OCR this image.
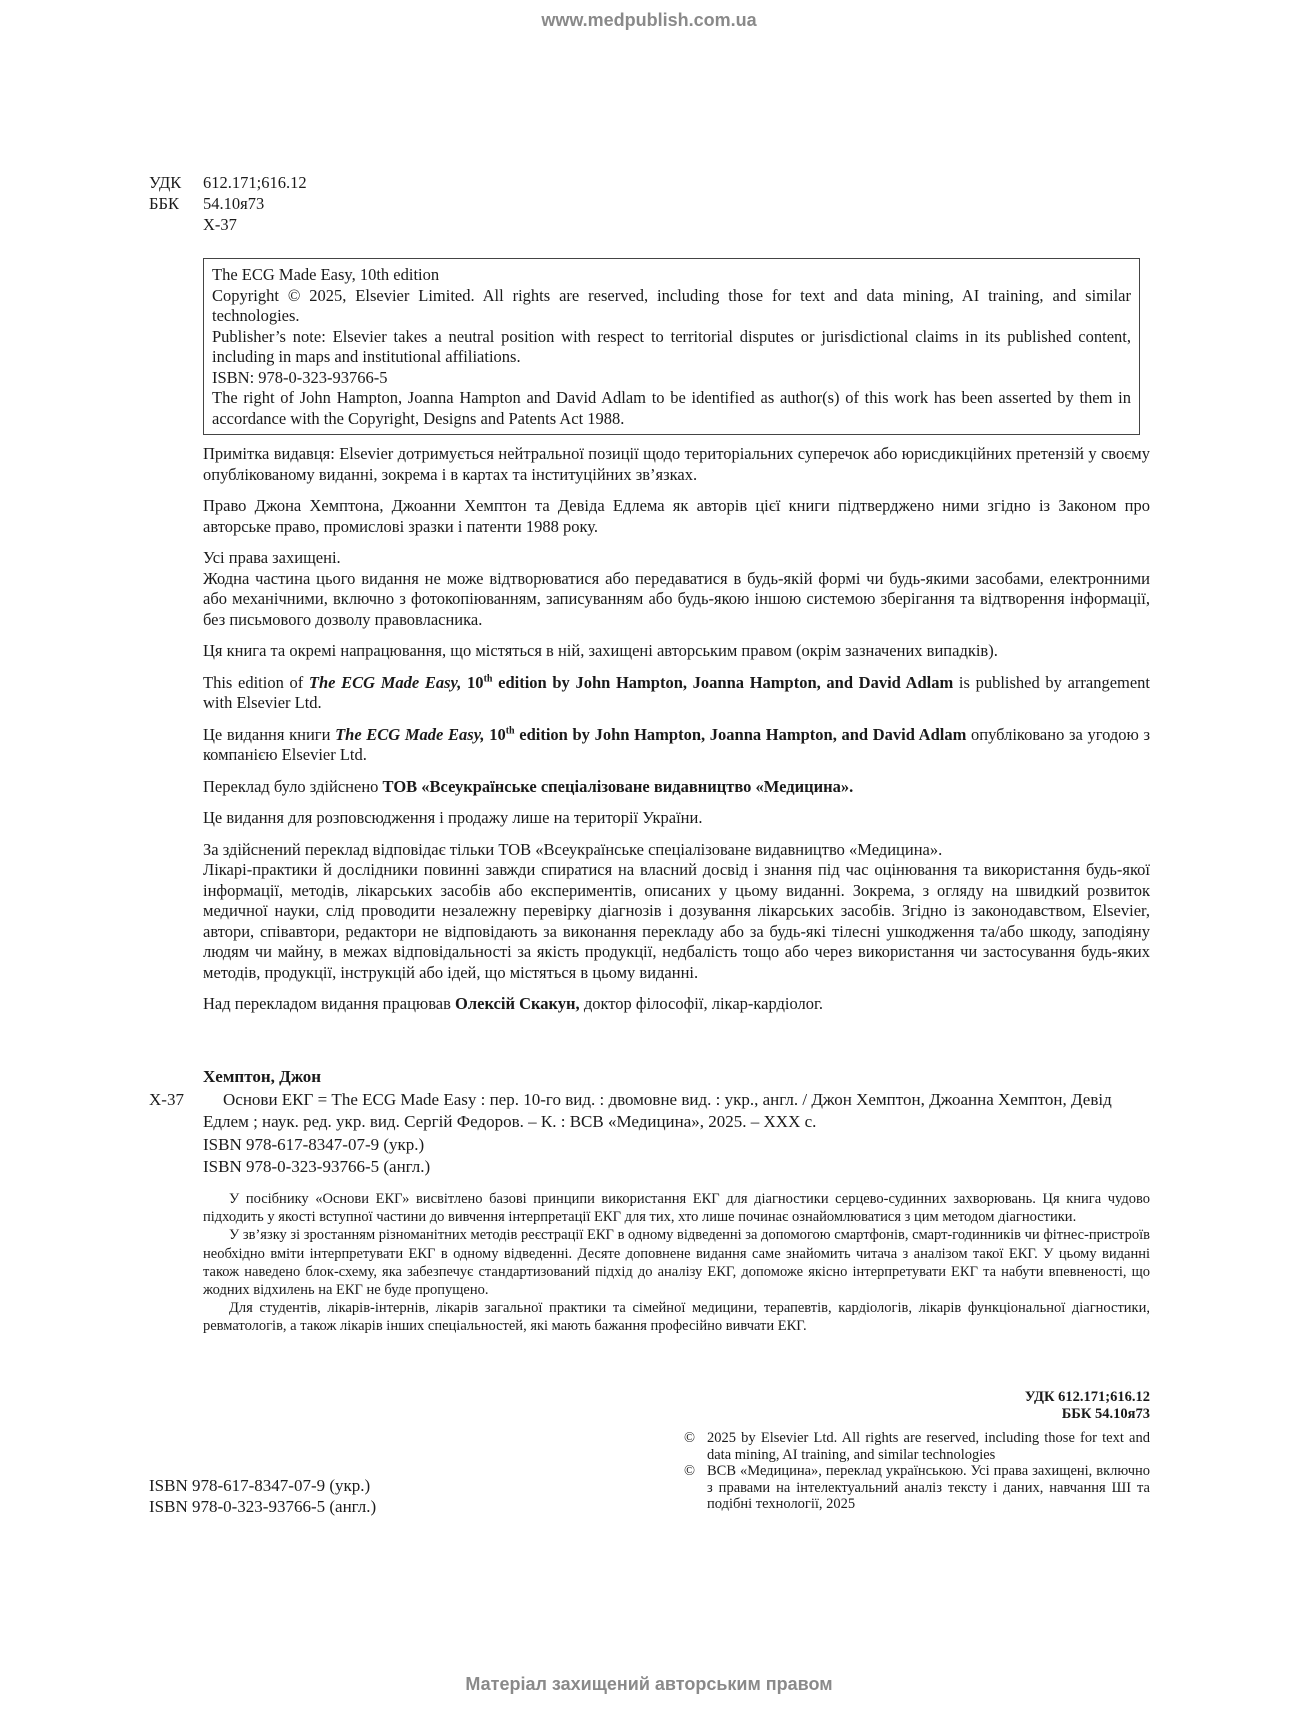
www.medpublish.com.ua
УДК	612.171;616.12
ББК	54.10я73
Х-37
The ECG Made Easy, 10th edition
Copyright © 2025, Elsevier Limited. All rights are reserved, including those for text and data mining, AI training, and similar technologies.
Publisher’s note: Elsevier takes a neutral position with respect to territorial disputes or jurisdictional claims in its published content, including in maps and institutional affiliations.
ISBN: 978-0-323-93766-5
The right of John Hampton, Joanna Hampton and David Adlam to be identified as author(s) of this work has been asserted by them in accordance with the Copyright, Designs and Patents Act 1988.

Примітка видавця: Elsevier дотримується нейтральної позиції щодо територіальних суперечок або юрисдикційних претензій у своєму опублікованому виданні, зокрема і в картах та інституційних зв’язках.

Право Джона Хемптона, Джоанни Хемптон та Девіда Едлема як авторів цієї книги підтверджено ними згідно із Законом про авторське право, промислові зразки і патенти 1988 року.

Усі права захищені.
Жодна частина цього видання не може відтворюватися або передаватися в будь-якій формі чи будь-якими засобами, електронними або механічними, включно з фотокопіюванням, записуванням або будь-якою іншою системою зберігання та відтворення інформації, без письмового дозволу правовласника.

Ця книга та окремі напрацювання, що містяться в ній, захищені авторським правом (окрім зазначених випадків).

This edition of The ECG Made Easy, 10th edition by John Hampton, Joanna Hampton, and David Adlam is published by arrangement with Elsevier Ltd.

Це видання книги The ECG Made Easy, 10th edition by John Hampton, Joanna Hampton, and David Adlam опубліковано за угодою з компанією Elsevier Ltd.

Переклад було здійснено ТОВ «Всеукраїнське спеціалізоване видавництво «Медицина».

Це видання для розповсюдження і продажу лише на території України.

За здійснений переклад відповідає тільки ТОВ «Всеукраїнське спеціалізоване видавництво «Медицина».
Лікарі-практики й дослідники повинні завжди спиратися на власний досвід і знання під час оцінювання та використання будь-якої інформації, методів, лікарських засобів або експериментів, описаних у цьому виданні. Зокрема, з огляду на швидкий розвиток медичної науки, слід проводити незалежну перевірку діагнозів і дозування лікарських засобів. Згідно із законодавством, Elsevier, автори, співавтори, редактори не відповідають за виконання перекладу або за будь-які тілесні ушкодження та/або шкоду, заподіяну людям чи майну, в межах відповідальності за якість продукції, недбалість тощо або через використання чи застосування будь-яких методів, продукції, інструкцій або ідей, що містяться в цьому виданні.

Над перекладом видання працював Олексій Скакун, доктор філософії, лікар-кардіолог.

Хемптон, Джон
Х-37	Основи ЕКГ = The ECG Made Easy : пер. 10-го вид. : двомовне вид. : укр., англ. / Джон Хемптон, Джоанна Хемптон, Девід Едлем ; наук. ред. укр. вид. Сергій Федоров. – К. : ВСВ «Медицина», 2025. – ХХХ с.
ISBN 978-617-8347-07-9 (укр.)
ISBN 978-0-323-93766-5 (англ.)

У посібнику «Основи ЕКГ» висвітлено базові принципи використання ЕКГ для діагностики серцево-судинних захворювань. Ця книга чудово підходить у якості вступної частини до вивчення інтерпретації ЕКГ для тих, хто лише починає ознайомлюватися з цим методом діагностики.

У зв’язку зі зростанням різноманітних методів реєстрації ЕКГ в одному відведенні за допомогою смартфонів, смарт-годинників чи фітнес-пристроїв необхідно вміти інтерпретувати ЕКГ в одному відведенні. Десяте доповнене видання саме знайомить читача з аналізом такої ЕКГ. У цьому виданні також наведено блок-схему, яка забезпечує стандартизований підхід до аналізу ЕКГ, допоможе якісно інтерпретувати ЕКГ та набути впевненості, що жодних відхилень на ЕКГ не буде пропущено.

Для студентів, лікарів-інтернів, лікарів загальної практики та сімейної медицини, терапевтів, кардіологів, лікарів функціональної діагностики, ревматологів, а також лікарів інших спеціальностей, які мають бажання професійно вивчати ЕКГ.

УДК 612.171;616.12
ББК 54.10я73
© 2025 by Elsevier Ltd. All rights are reserved, including those for text and data mining, AI training, and similar technologies
© ВСВ «Медицина», переклад українською. Усі права захищені, включно з правами на інтелектуальний аналіз тексту і даних, навчання ШІ та подібні технології, 2025
ISBN 978-617-8347-07-9 (укр.)
ISBN 978-0-323-93766-5 (англ.)
Матеріал захищений авторським правом
